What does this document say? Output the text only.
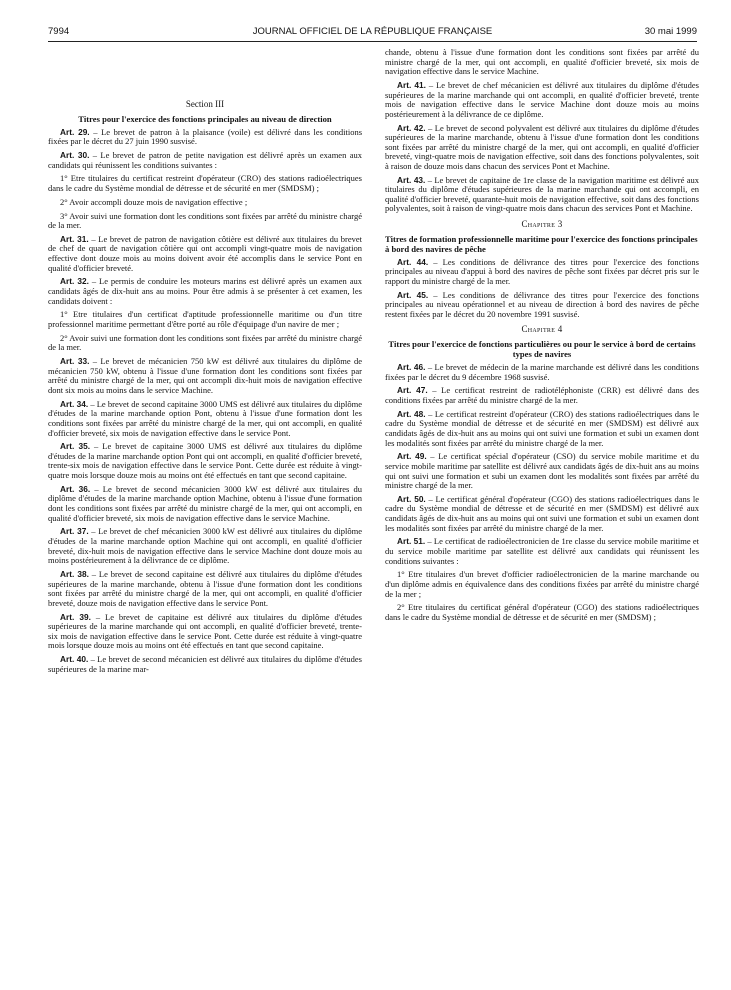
7994	JOURNAL OFFICIEL DE LA RÉPUBLIQUE FRANÇAISE	30 mai 1999
Section III
Titres pour l'exercice des fonctions principales au niveau de direction

Art. 29. – Le brevet de patron à la plaisance (voile) est délivré dans les conditions fixées par le décret du 27 juin 1990 susvisé.

Art. 30. – Le brevet de patron de petite navigation est délivré après un examen aux candidats qui réunissent les conditions suivantes :

1° Etre titulaires du certificat restreint d'opérateur (CRO) des stations radioélectriques dans le cadre du Système mondial de détresse et de sécurité en mer (SMDSM) ;

2° Avoir accompli douze mois de navigation effective ;

3° Avoir suivi une formation dont les conditions sont fixées par arrêté du ministre chargé de la mer.

Art. 31. – Le brevet de patron de navigation côtière est délivré aux titulaires du brevet de chef de quart de navigation côtière qui ont accompli vingt-quatre mois de navigation effective dont douze mois au moins doivent avoir été accomplis dans le service Pont en qualité d'officier breveté.

Art. 32. – Le permis de conduire les moteurs marins est délivré après un examen aux candidats âgés de dix-huit ans au moins. Pour être admis à se présenter à cet examen, les candidats doivent :

1° Etre titulaires d'un certificat d'aptitude professionnelle maritime ou d'un titre professionnel maritime permettant d'être porté au rôle d'équipage d'un navire de mer ;

2° Avoir suivi une formation dont les conditions sont fixées par arrêté du ministre chargé de la mer.

Art. 33. – Le brevet de mécanicien 750 kW est délivré aux titulaires du diplôme de mécanicien 750 kW, obtenu à l'issue d'une formation dont les conditions sont fixées par arrêté du ministre chargé de la mer, qui ont accompli dix-huit mois de navigation effective dont six mois au moins dans le service Machine.

Art. 34. – Le brevet de second capitaine 3000 UMS est délivré aux titulaires du diplôme d'études de la marine marchande option Pont, obtenu à l'issue d'une formation dont les conditions sont fixées par arrêté du ministre chargé de la mer, qui ont accompli, en qualité d'officier breveté, six mois de navigation effective dans le service Pont.

Art. 35. – Le brevet de capitaine 3000 UMS est délivré aux titulaires du diplôme d'études de la marine marchande option Pont qui ont accompli, en qualité d'officier breveté, trente-six mois de navigation effective dans le service Pont. Cette durée est réduite à vingt-quatre mois lorsque douze mois au moins ont été effectués en tant que second capitaine.

Art. 36. – Le brevet de second mécanicien 3000 kW est délivré aux titulaires du diplôme d'études de la marine marchande option Machine, obtenu à l'issue d'une formation dont les conditions sont fixées par arrêté du ministre chargé de la mer, qui ont accompli, en qualité d'officier breveté, six mois de navigation effective dans le service Machine.

Art. 37. – Le brevet de chef mécanicien 3000 kW est délivré aux titulaires du diplôme d'études de la marine marchande option Machine qui ont accompli, en qualité d'officier breveté, dix-huit mois de navigation effective dans le service Machine dont douze mois au moins postérieurement à la délivrance de ce diplôme.

Art. 38. – Le brevet de second capitaine est délivré aux titulaires du diplôme d'études supérieures de la marine marchande, obtenu à l'issue d'une formation dont les conditions sont fixées par arrêté du ministre chargé de la mer, qui ont accompli, en qualité d'officier breveté, douze mois de navigation effective dans le service Pont.

Art. 39. – Le brevet de capitaine est délivré aux titulaires du diplôme d'études supérieures de la marine marchande qui ont accompli, en qualité d'officier breveté, trente-six mois de navigation effective dans le service Pont. Cette durée est réduite à vingt-quatre mois lorsque douze mois au moins ont été effectués en tant que second capitaine.

Art. 40. – Le brevet de second mécanicien est délivré aux titulaires du diplôme d'études supérieures de la marine mar-

chande, obtenu à l'issue d'une formation dont les conditions sont fixées par arrêté du ministre chargé de la mer, qui ont accompli, en qualité d'officier breveté, six mois de navigation effective dans le service Machine.

Art. 41. – Le brevet de chef mécanicien est délivré aux titulaires du diplôme d'études supérieures de la marine marchande qui ont accompli, en qualité d'officier breveté, trente mois de navigation effective dans le service Machine dont douze mois au moins postérieurement à la délivrance de ce diplôme.

Art. 42. – Le brevet de second polyvalent est délivré aux titulaires du diplôme d'études supérieures de la marine marchande, obtenu à l'issue d'une formation dont les conditions sont fixées par arrêté du ministre chargé de la mer, qui ont accompli, en qualité d'officier breveté, vingt-quatre mois de navigation effective, soit dans des fonctions polyvalentes, soit à raison de douze mois dans chacun des services Pont et Machine.

Art. 43. – Le brevet de capitaine de 1re classe de la navigation maritime est délivré aux titulaires du diplôme d'études supérieures de la marine marchande qui ont accompli, en qualité d'officier breveté, quarante-huit mois de navigation effective, soit dans des fonctions polyvalentes, soit à raison de vingt-quatre mois dans chacun des services Pont et Machine.

Chapitre 3
Titres de formation professionnelle maritime pour l'exercice des fonctions principales à bord des navires de pêche

Art. 44. – Les conditions de délivrance des titres pour l'exercice des fonctions principales au niveau d'appui à bord des navires de pêche sont fixées par décret pris sur le rapport du ministre chargé de la mer.

Art. 45. – Les conditions de délivrance des titres pour l'exercice des fonctions principales au niveau opérationnel et au niveau de direction à bord des navires de pêche restent fixées par le décret du 20 novembre 1991 susvisé.

Chapitre 4
Titres pour l'exercice de fonctions particulières ou pour le service à bord de certains types de navires

Art. 46. – Le brevet de médecin de la marine marchande est délivré dans les conditions fixées par le décret du 9 décembre 1968 susvisé.

Art. 47. – Le certificat restreint de radiotéléphoniste (CRR) est délivré dans des conditions fixées par arrêté du ministre chargé de la mer.

Art. 48. – Le certificat restreint d'opérateur (CRO) des stations radioélectriques dans le cadre du Système mondial de détresse et de sécurité en mer (SMDSM) est délivré aux candidats âgés de dix-huit ans au moins qui ont suivi une formation et subi un examen dont les modalités sont fixées par arrêté du ministre chargé de la mer.

Art. 49. – Le certificat spécial d'opérateur (CSO) du service mobile maritime et du service mobile maritime par satellite est délivré aux candidats âgés de dix-huit ans au moins qui ont suivi une formation et subi un examen dont les modalités sont fixées par arrêté du ministre chargé de la mer.

Art. 50. – Le certificat général d'opérateur (CGO) des stations radioélectriques dans le cadre du Système mondial de détresse et de sécurité en mer (SMDSM) est délivré aux candidats âgés de dix-huit ans au moins qui ont suivi une formation et subi un examen dont les modalités sont fixées par arrêté du ministre chargé de la mer.

Art. 51. – Le certificat de radioélectronicien de 1re classe du service mobile maritime et du service mobile maritime par satellite est délivré aux candidats qui réunissent les conditions suivantes :

1° Etre titulaires d'un brevet d'officier radioélectronicien de la marine marchande ou d'un diplôme admis en équivalence dans des conditions fixées par arrêté du ministre chargé de la mer ;

2° Etre titulaires du certificat général d'opérateur (CGO) des stations radioélectriques dans le cadre du Système mondial de détresse et de sécurité en mer (SMDSM) ;
